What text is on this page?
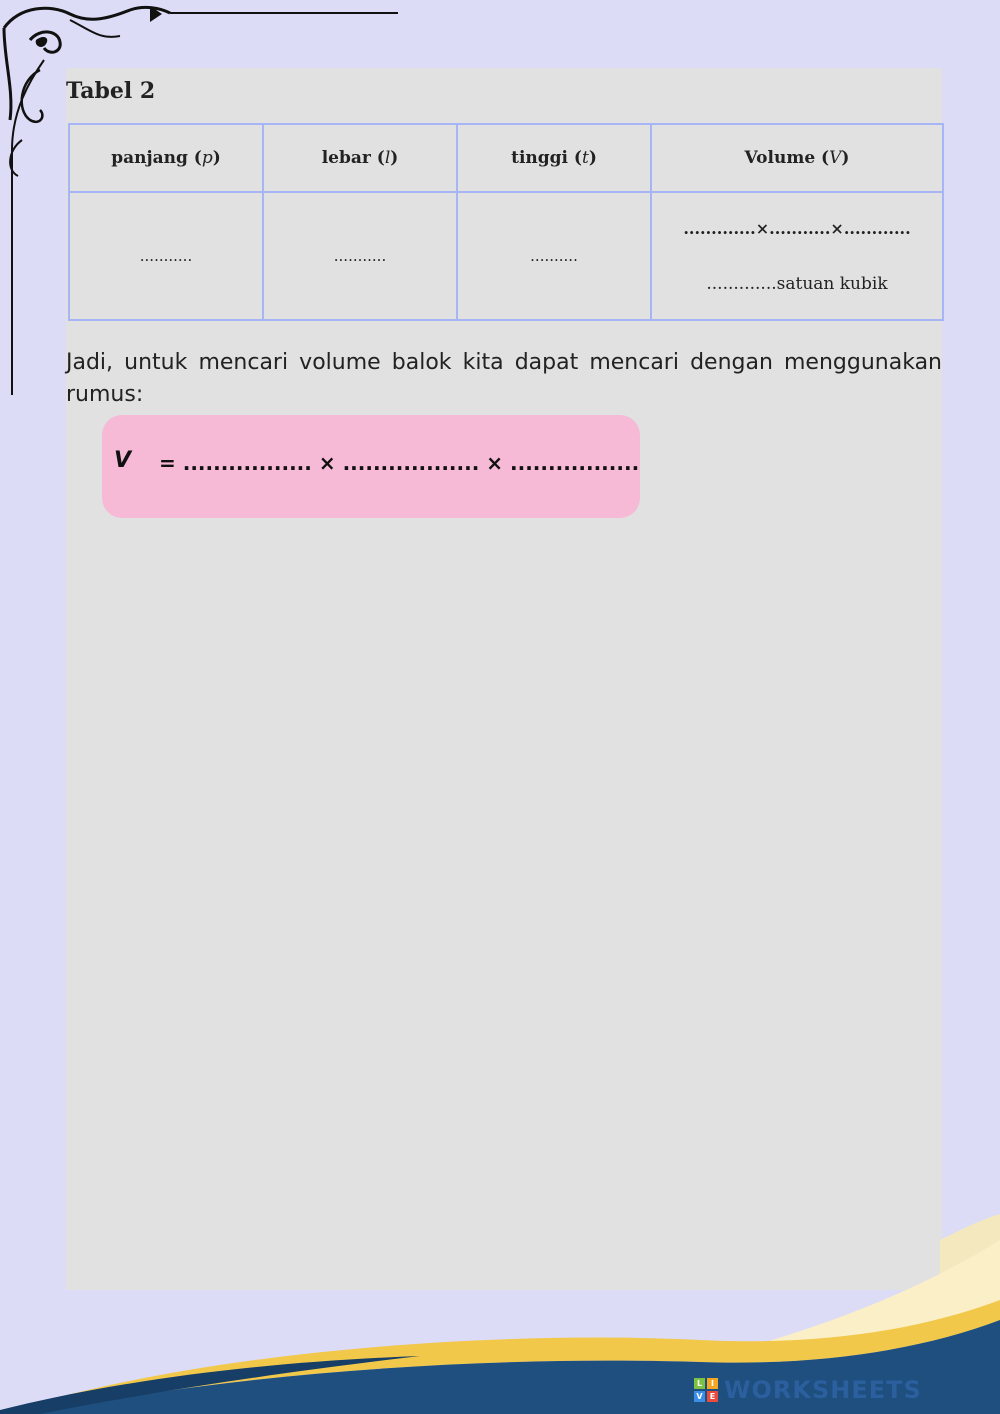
Tabel 2
panjang (p)	lebar (l)	tinggi (t)	Volume (V)
...........	...........	..........	.............×...........×............
.............satuan kubik
Jadi, untuk mencari volume balok kita dapat mencari dengan menggunakan rumus:
V = ................. × .................. × .................
L	I
V E WORKSHEETS
